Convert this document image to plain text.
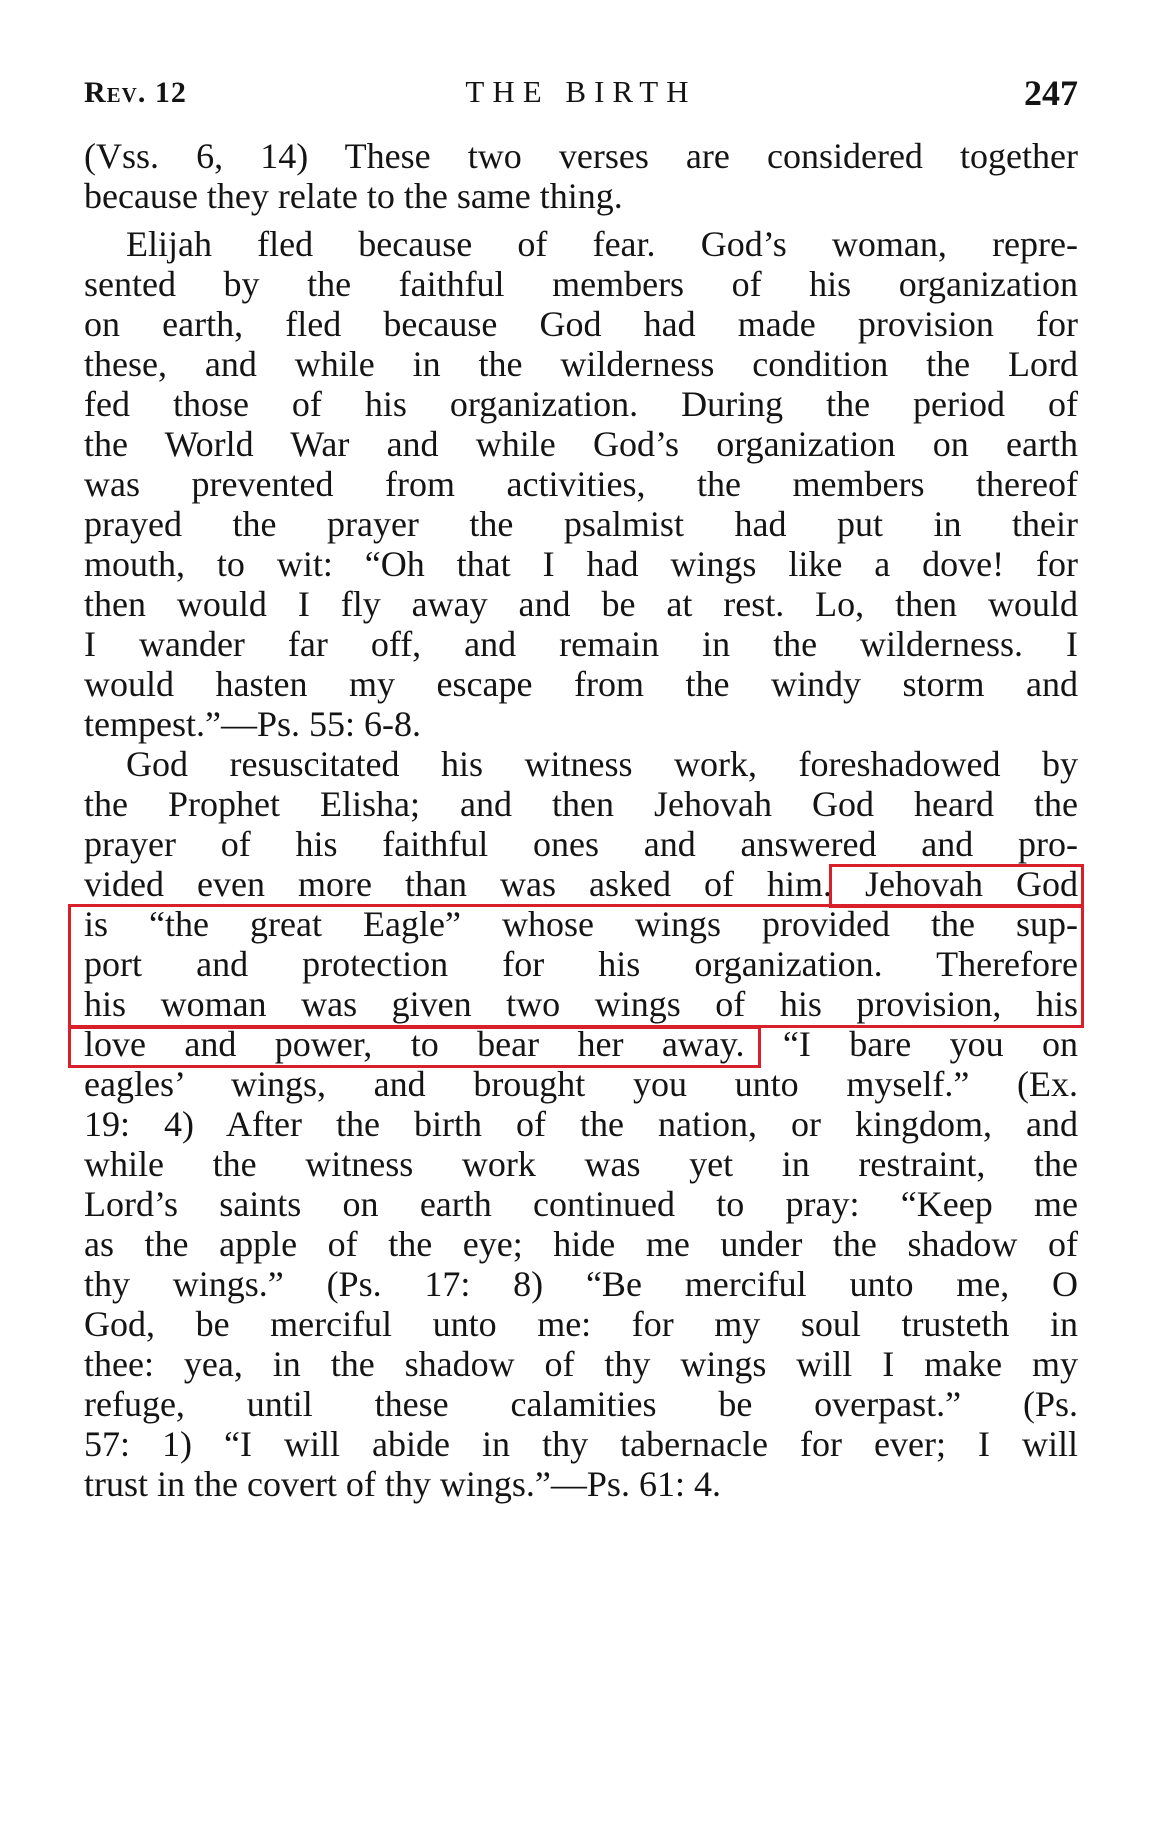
Rev. 12	THE BIRTH	247
(Vss. 6, 14) These two verses are considered together
because they relate to the same thing.
Elijah fled because of fear. God’s woman, repre-
sented by the faithful members of his organization
on earth, fled because God had made provision for
these, and while in the wilderness condition the Lord
fed those of his organization. During the period of
the World War and while God’s organization on earth
was prevented from activities, the members thereof
prayed the prayer the psalmist had put in their
mouth, to wit: “Oh that I had wings like a dove! for
then would I fly away and be at rest. Lo, then would
I wander far off, and remain in the wilderness. I
would hasten my escape from the windy storm and
tempest.”—Ps. 55: 6-8.
God resuscitated his witness work, foreshadowed by
the Prophet Elisha; and then Jehovah God heard the
prayer of his faithful ones and answered and pro-
vided even more than was asked of him. Jehovah God
is “the great Eagle” whose wings provided the sup-
port and protection for his organization. Therefore
his woman was given two wings of his provision, his
love and power, to bear her away. “I bare you on
eagles’ wings, and brought you unto myself.” (Ex.
19: 4) After the birth of the nation, or kingdom, and
while the witness work was yet in restraint, the
Lord’s saints on earth continued to pray: “Keep me
as the apple of the eye; hide me under the shadow of
thy wings.” (Ps. 17: 8) “Be merciful unto me, O
God, be merciful unto me: for my soul trusteth in
thee: yea, in the shadow of thy wings will I make my
refuge, until these calamities be overpast.” (Ps.
57: 1) “I will abide in thy tabernacle for ever; I will
trust in the covert of thy wings.”—Ps. 61: 4.
